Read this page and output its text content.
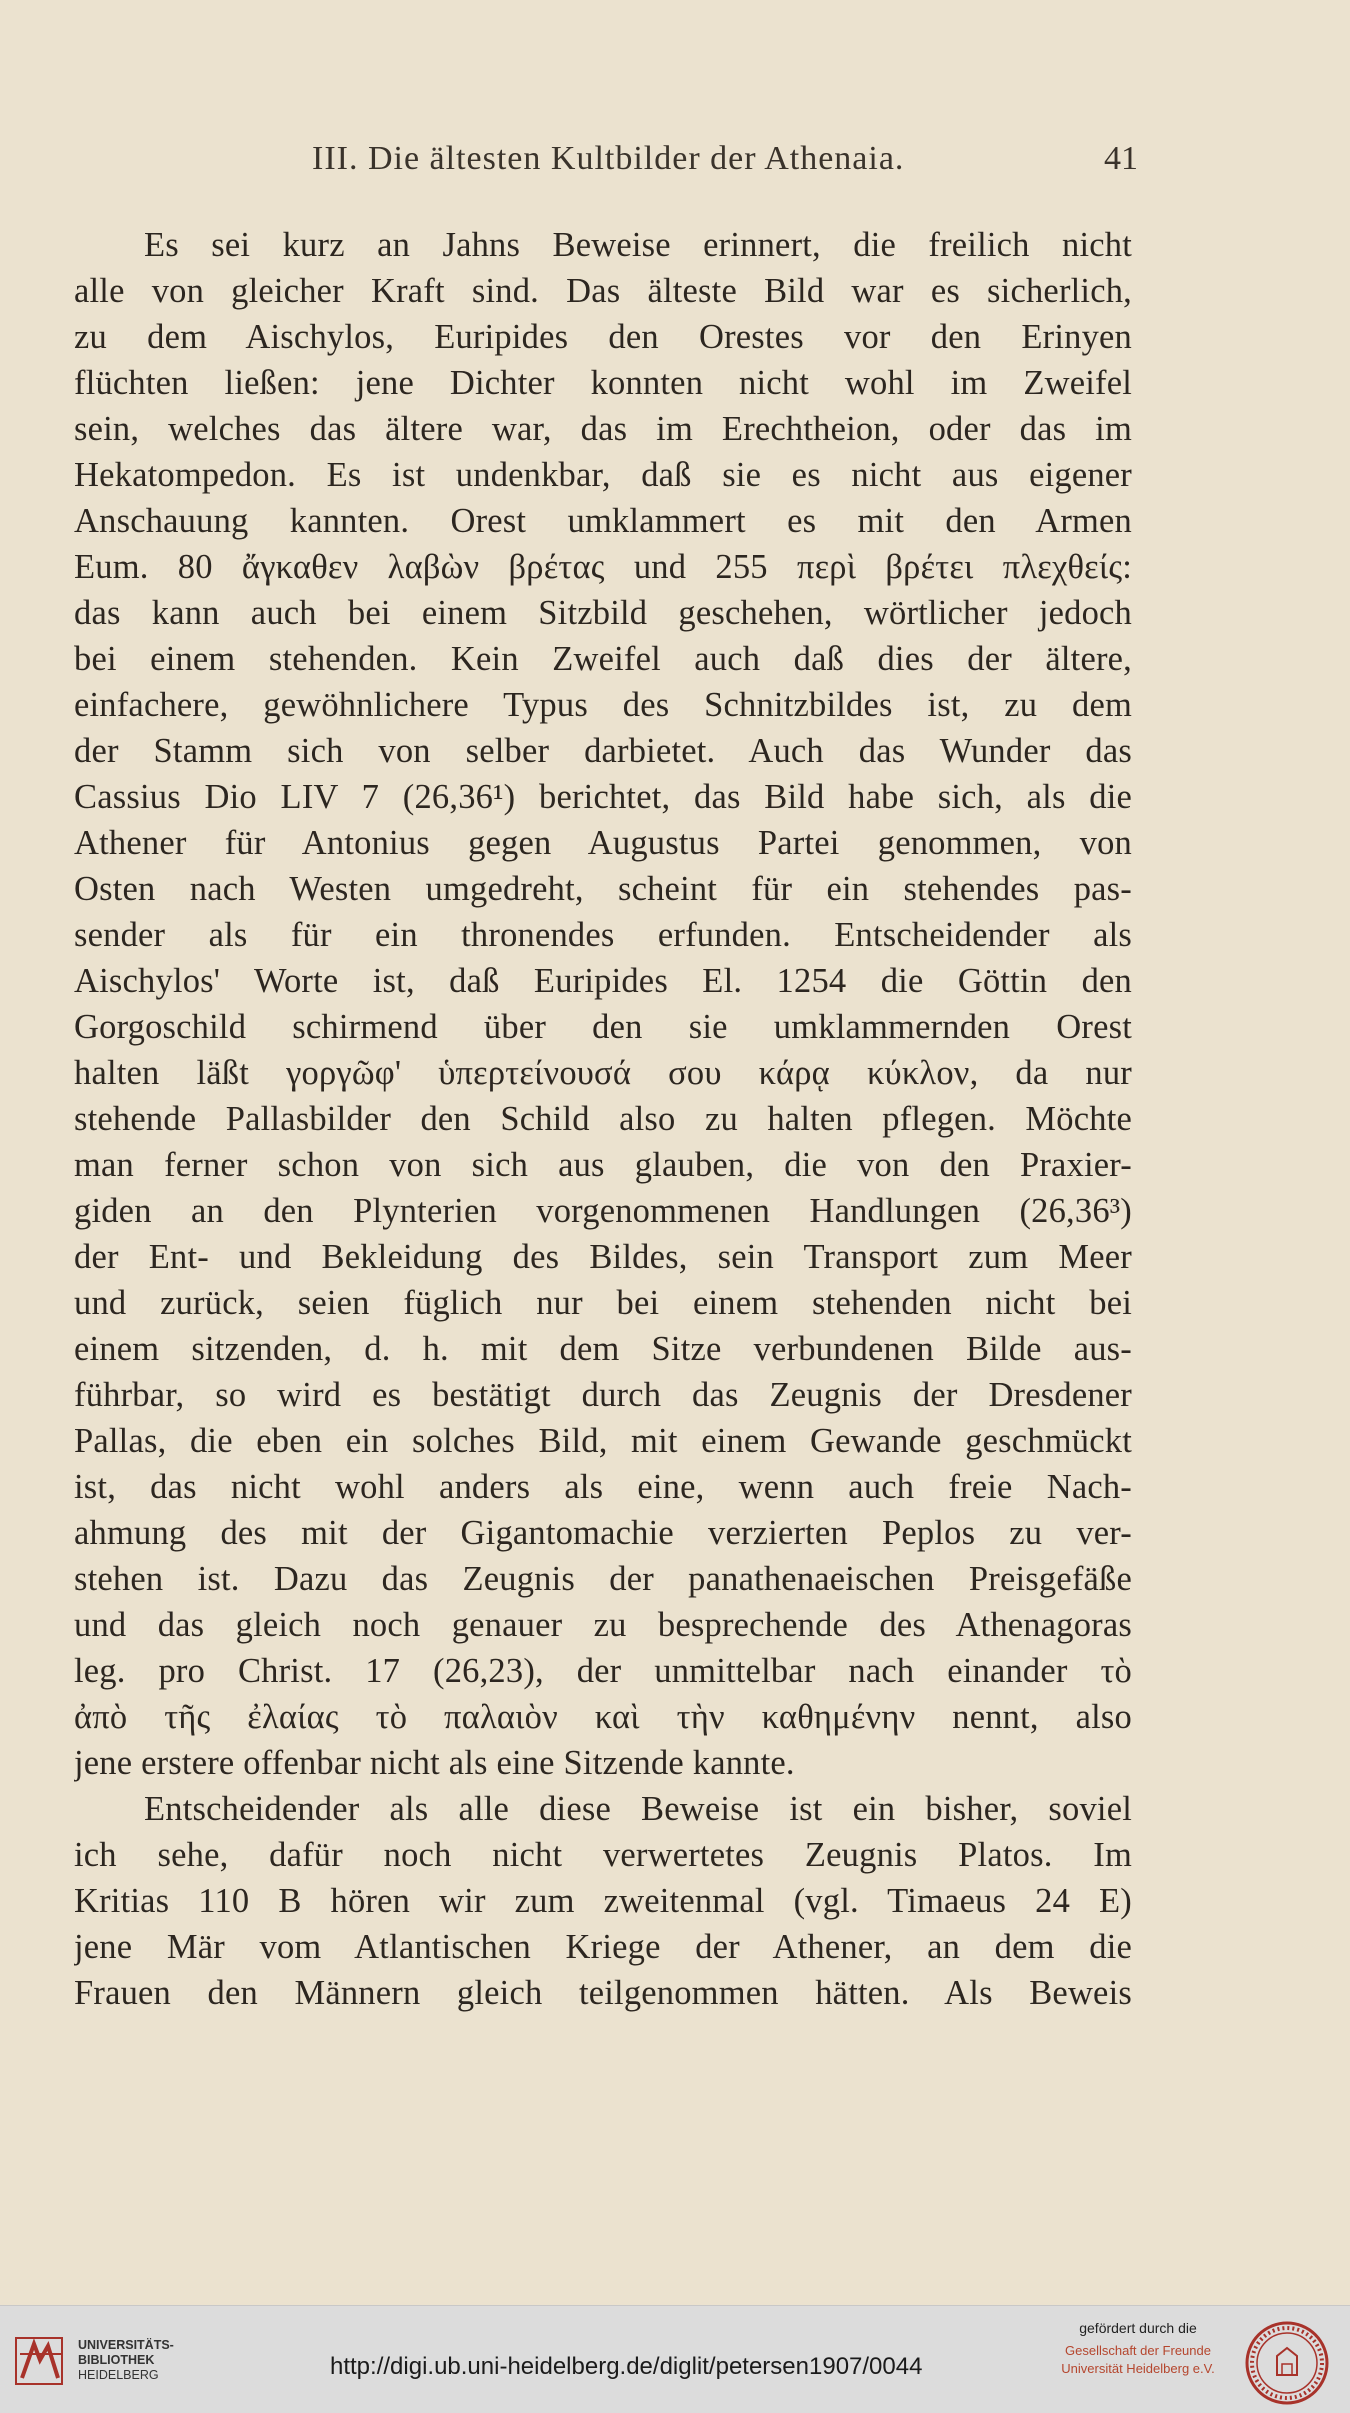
III. Die ältesten Kultbilder der Athenaia.	41
Es sei kurz an Jahns Beweise erinnert, die freilich nicht
alle von gleicher Kraft sind. Das älteste Bild war es sicherlich,
zu dem Aischylos, Euripides den Orestes vor den Erinyen
flüchten ließen: jene Dichter konnten nicht wohl im Zweifel
sein, welches das ältere war, das im Erechtheion, oder das im
Hekatompedon. Es ist undenkbar, daß sie es nicht aus eigener
Anschauung kannten. Orest umklammert es mit den Armen
Eum. 80 ἄγκαθεν λαβὼν βρέτας und 255 περὶ βρέτει πλεχθείς:
das kann auch bei einem Sitzbild geschehen, wörtlicher jedoch
bei einem stehenden. Kein Zweifel auch daß dies der ältere,
einfachere, gewöhnlichere Typus des Schnitzbildes ist, zu dem
der Stamm sich von selber darbietet. Auch das Wunder das
Cassius Dio LIV 7 (26,36¹) berichtet, das Bild habe sich, als die
Athener für Antonius gegen Augustus Partei genommen, von
Osten nach Westen umgedreht, scheint für ein stehendes pas-
sender als für ein thronendes erfunden. Entscheidender als
Aischylos' Worte ist, daß Euripides El. 1254 die Göttin den
Gorgoschild schirmend über den sie umklammernden Orest
halten läßt γοργῶφ' ὑπερτείνουσά σου κάρᾳ κύκλον, da nur
stehende Pallasbilder den Schild also zu halten pflegen. Möchte
man ferner schon von sich aus glauben, die von den Praxier-
giden an den Plynterien vorgenommenen Handlungen (26,36³)
der Ent- und Bekleidung des Bildes, sein Transport zum Meer
und zurück, seien füglich nur bei einem stehenden nicht bei
einem sitzenden, d. h. mit dem Sitze verbundenen Bilde aus-
führbar, so wird es bestätigt durch das Zeugnis der Dresdener
Pallas, die eben ein solches Bild, mit einem Gewande geschmückt
ist, das nicht wohl anders als eine, wenn auch freie Nach-
ahmung des mit der Gigantomachie verzierten Peplos zu ver-
stehen ist. Dazu das Zeugnis der panathenaeischen Preisgefäße
und das gleich noch genauer zu besprechende des Athenagoras
leg. pro Christ. 17 (26,23), der unmittelbar nach einander τὸ
ἀπὸ τῆς ἐλαίας τὸ παλαιὸν καὶ τὴν καθημένην nennt, also
jene erstere offenbar nicht als eine Sitzende kannte.
Entscheidender als alle diese Beweise ist ein bisher, soviel
ich sehe, dafür noch nicht verwertetes Zeugnis Platos. Im
Kritias 110 B hören wir zum zweitenmal (vgl. Timaeus 24 E)
jene Mär vom Atlantischen Kriege der Athener, an dem die
Frauen den Männern gleich teilgenommen hätten. Als Beweis
UNIVERSITÄTS-
BIBLIOTHEK
HEIDELBERG	http://digi.ub.uni-heidelberg.de/diglit/petersen1907/0044
gefördert durch die
Gesellschaft der Freunde
Universität Heidelberg e.V.
